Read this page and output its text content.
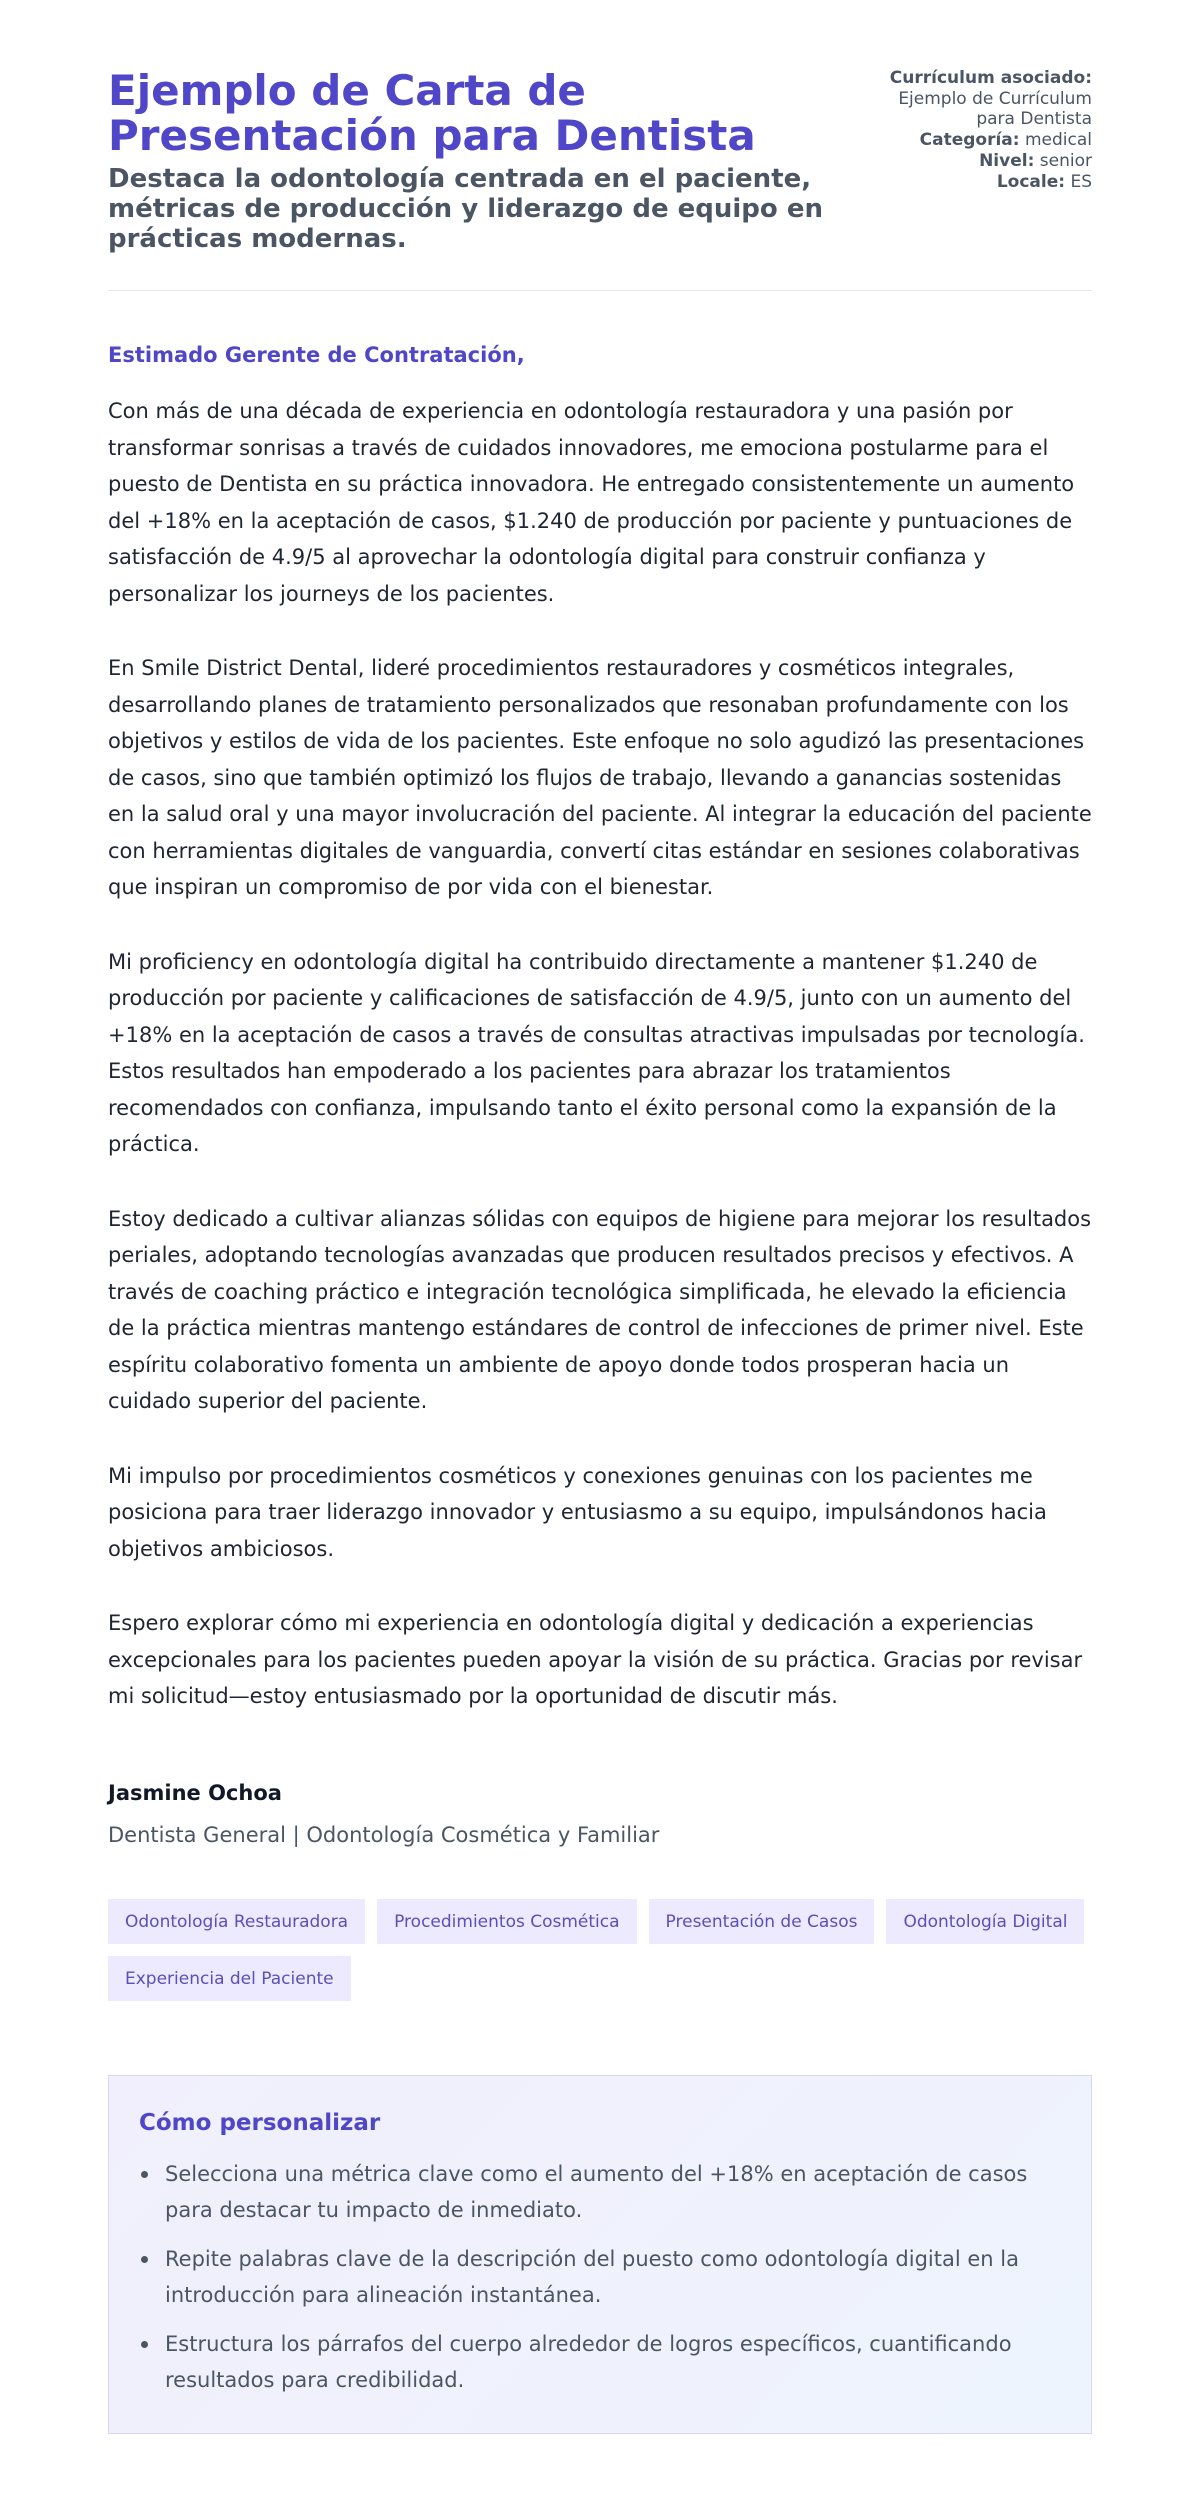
Ejemplo de Carta de Presentación para Dentista
Destaca la odontología centrada en el paciente, métricas de producción y liderazgo de equipo en prácticas modernas.
Currículum asociado:
Ejemplo de Currículum para Dentista
Categoría: medical
Nivel: senior
Locale: ES

Estimado Gerente de Contratación,

Con más de una década de experiencia en odontología restauradora y una pasión por transformar sonrisas a través de cuidados innovadores, me emociona postularme para el puesto de Dentista en su práctica innovadora. He entregado consistentemente un aumento del +18% en la aceptación de casos, $1.240 de producción por paciente y puntuaciones de satisfacción de 4.9/5 al aprovechar la odontología digital para construir confianza y personalizar los journeys de los pacientes.

En Smile District Dental, lideré procedimientos restauradores y cosméticos integrales, desarrollando planes de tratamiento personalizados que resonaban profundamente con los objetivos y estilos de vida de los pacientes. Este enfoque no solo agudizó las presentaciones de casos, sino que también optimizó los flujos de trabajo, llevando a ganancias sostenidas en la salud oral y una mayor involucración del paciente. Al integrar la educación del paciente con herramientas digitales de vanguardia, convertí citas estándar en sesiones colaborativas que inspiran un compromiso de por vida con el bienestar.

Mi proficiency en odontología digital ha contribuido directamente a mantener $1.240 de producción por paciente y calificaciones de satisfacción de 4.9/5, junto con un aumento del +18% en la aceptación de casos a través de consultas atractivas impulsadas por tecnología. Estos resultados han empoderado a los pacientes para abrazar los tratamientos recomendados con confianza, impulsando tanto el éxito personal como la expansión de la práctica.

Estoy dedicado a cultivar alianzas sólidas con equipos de higiene para mejorar los resultados periales, adoptando tecnologías avanzadas que producen resultados precisos y efectivos. A través de coaching práctico e integración tecnológica simplificada, he elevado la eficiencia de la práctica mientras mantengo estándares de control de infecciones de primer nivel. Este espíritu colaborativo fomenta un ambiente de apoyo donde todos prosperan hacia un cuidado superior del paciente.

Mi impulso por procedimientos cosméticos y conexiones genuinas con los pacientes me posiciona para traer liderazgo innovador y entusiasmo a su equipo, impulsándonos hacia objetivos ambiciosos.

Espero explorar cómo mi experiencia en odontología digital y dedicación a experiencias excepcionales para los pacientes pueden apoyar la visión de su práctica. Gracias por revisar mi solicitud—estoy entusiasmado por la oportunidad de discutir más.

Jasmine Ochoa

Dentista General | Odontología Cosmética y Familiar

Odontología Restauradora	Procedimientos Cosmética	Presentación de Casos	Odontología Digital
Experiencia del Paciente
Cómo personalizar
Selecciona una métrica clave como el aumento del +18% en aceptación de casos para destacar tu impacto de inmediato.
Repite palabras clave de la descripción del puesto como odontología digital en la introducción para alineación instantánea.
Estructura los párrafos del cuerpo alrededor de logros específicos, cuantificando resultados para credibilidad.
